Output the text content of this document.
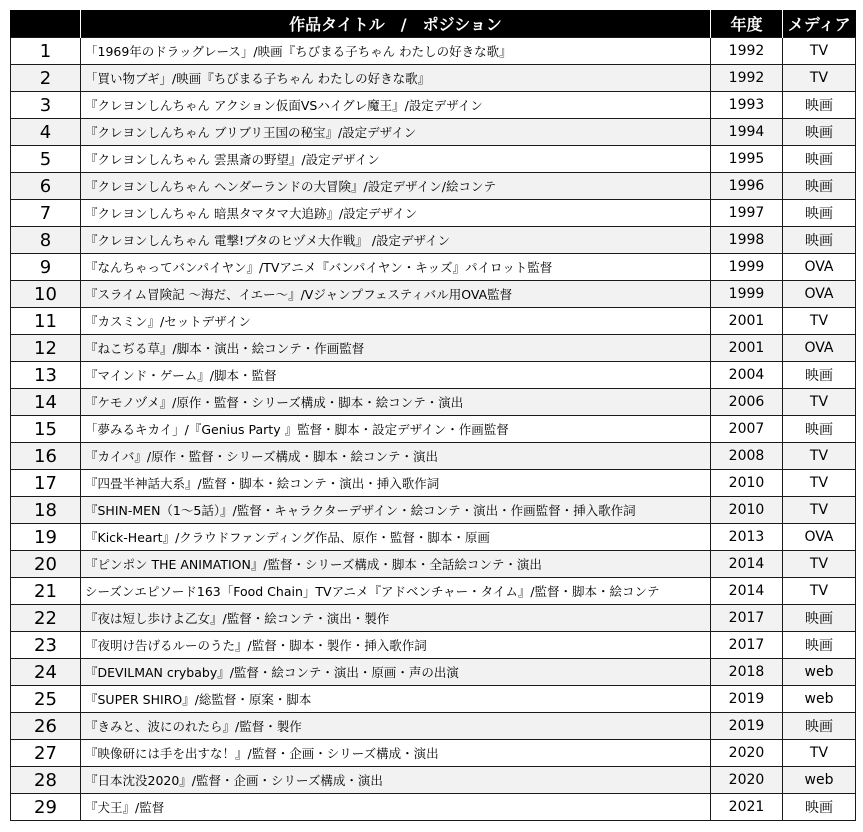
	作品タイトル　/　ポジション	年度	メディア
1	「1969年のドラッグレース」/映画『ちびまる子ちゃん わたしの好きな歌』	1992	TV
2	「買い物ブギ」/映画『ちびまる子ちゃん わたしの好きな歌』	1992	TV
3	『クレヨンしんちゃん アクション仮面VSハイグレ魔王』/設定デザイン	1993	映画
4	『クレヨンしんちゃん ブリブリ王国の秘宝』/設定デザイン	1994	映画
5	『クレヨンしんちゃん 雲黒斎の野望』/設定デザイン	1995	映画
6	『クレヨンしんちゃん ヘンダーランドの大冒険』/設定デザイン/絵コンテ	1996	映画
7	『クレヨンしんちゃん 暗黒タマタマ大追跡』/設定デザイン	1997	映画
8	『クレヨンしんちゃん 電撃!ブタのヒヅメ大作戦』 /設定デザイン	1998	映画
9	『なんちゃってバンパイヤン』/TVアニメ『バンパイヤン・キッズ』パイロット監督	1999	OVA
10	『スライム冒険記 ～海だ、イエー～』/Vジャンプフェスティバル用OVA監督	1999	OVA
11	『カスミン』/セットデザイン	2001	TV
12	『ねこぢる草』/脚本・演出・絵コンテ・作画監督	2001	OVA
13	『マインド・ゲーム』/脚本・監督	2004	映画
14	『ケモノヅメ』/原作・監督・シリーズ構成・脚本・絵コンテ・演出	2006	TV
15	「夢みるキカイ」/『Genius Party 』監督・脚本・設定デザイン・作画監督	2007	映画
16	『カイバ』/原作・監督・シリーズ構成・脚本・絵コンテ・演出	2008	TV
17	『四畳半神話大系』/監督・脚本・絵コンテ・演出・挿入歌作詞	2010	TV
18	『SHIN-MEN（1～5話）』/監督・キャラクターデザイン・絵コンテ・演出・作画監督・挿入歌作詞	2010	TV
19	『Kick-Heart』/クラウドファンディング作品、原作・監督・脚本・原画	2013	OVA
20	『ピンポン THE ANIMATION』/監督・シリーズ構成・脚本・全話絵コンテ・演出	2014	TV
21	シーズンエピソード163「Food Chain」TVアニメ『アドベンチャー・タイム』/監督・脚本・絵コンテ	2014	TV
22	『夜は短し歩けよ乙女』/監督・絵コンテ・演出・製作	2017	映画
23	『夜明け告げるルーのうた』/監督・脚本・製作・挿入歌作詞	2017	映画
24	『DEVILMAN crybaby』/監督・絵コンテ・演出・原画・声の出演	2018	web
25	『SUPER SHIRO』/総監督・原案・脚本	2019	web
26	『きみと、波にのれたら』/監督・製作	2019	映画
27	『映像研には手を出すな！』/監督・企画・シリーズ構成・演出	2020	TV
28	『日本沈没2020』/監督・企画・シリーズ構成・演出	2020	web
29	『犬王』/監督	2021	映画
